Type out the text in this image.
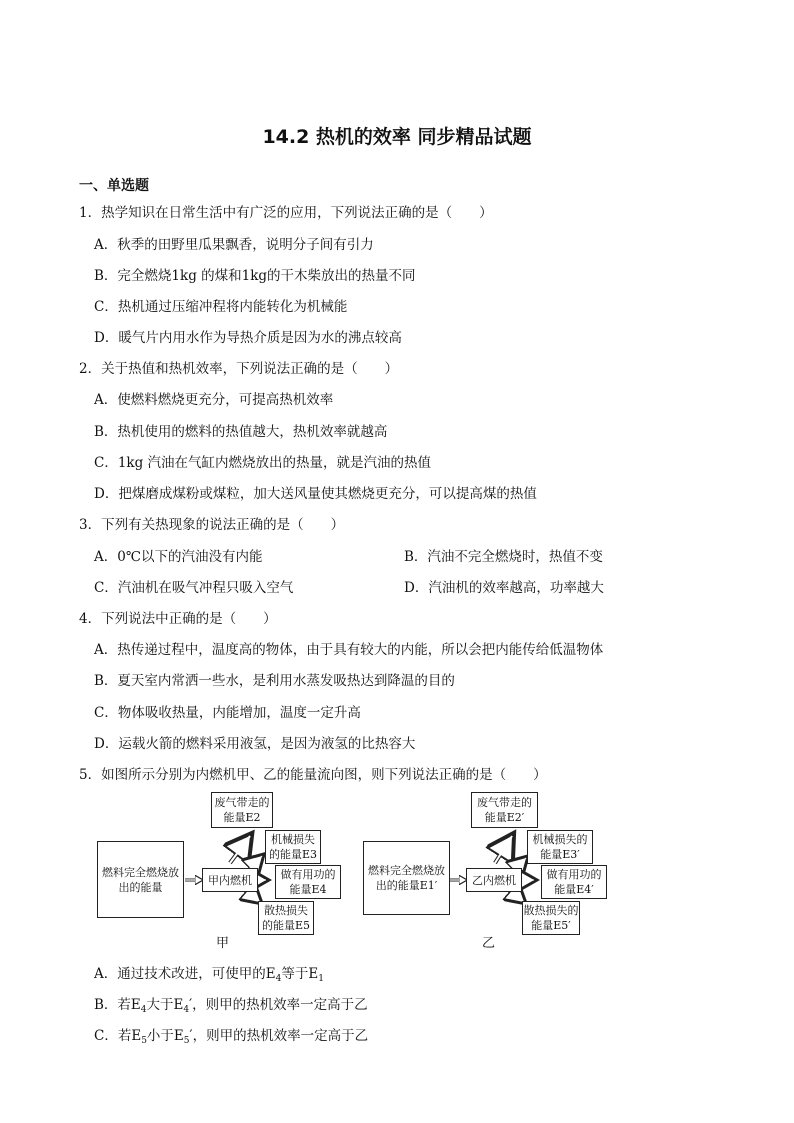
14.2 热机的效率 同步精品试题
一、单选题
1．热学知识在日常生活中有广泛的应用，下列说法正确的是（　　）
A．秋季的田野里瓜果飘香，说明分子间有引力
B．完全燃烧1kg 的煤和1kg的干木柴放出的热量不同
C．热机通过压缩冲程将内能转化为机械能
D．暖气片内用水作为导热介质是因为水的沸点较高
2．关于热值和热机效率，下列说法正确的是（　　）
A．使燃料燃烧更充分，可提高热机效率
B．热机使用的燃料的热值越大，热机效率就越高
C．1kg 汽油在气缸内燃烧放出的热量，就是汽油的热值
D．把煤磨成煤粉或煤粒，加大送风量使其燃烧更充分，可以提高煤的热值
3．下列有关热现象的说法正确的是（　　）
A．0℃以下的汽油没有内能	B．汽油不完全燃烧时，热值不变
C．汽油机在吸气冲程只吸入空气	D．汽油机的效率越高，功率越大
4．下列说法中正确的是（　　）
A．热传递过程中，温度高的物体，由于具有较大的内能，所以会把内能传给低温物体
B．夏天室内常洒一些水，是利用水蒸发吸热达到降温的目的
C．物体吸收热量，内能增加，温度一定升高
D．运载火箭的燃料采用液氢，是因为液氢的比热容大
5．如图所示分别为内燃机甲、乙的能量流向图，则下列说法正确的是（　　）
燃料完全燃烧放出的能量
甲内燃机
废气带走的能量E2
机械损失的能量E3
做有用功的能量E4
散热损失的能量E5
甲
燃料完全燃烧放出的能量E1′	乙内燃机
废气带走的能量E2′
机械损失的能量E3′
做有用功的能量E4′
散热损失的能量E5′
乙
A．通过技术改进，可使甲的$E_4$等于$E_1$
B．若$E_4$大于$E_4'$，则甲的热机效率一定高于乙
C．若$E_5$小于$E_5'$，则甲的热机效率一定高于乙
